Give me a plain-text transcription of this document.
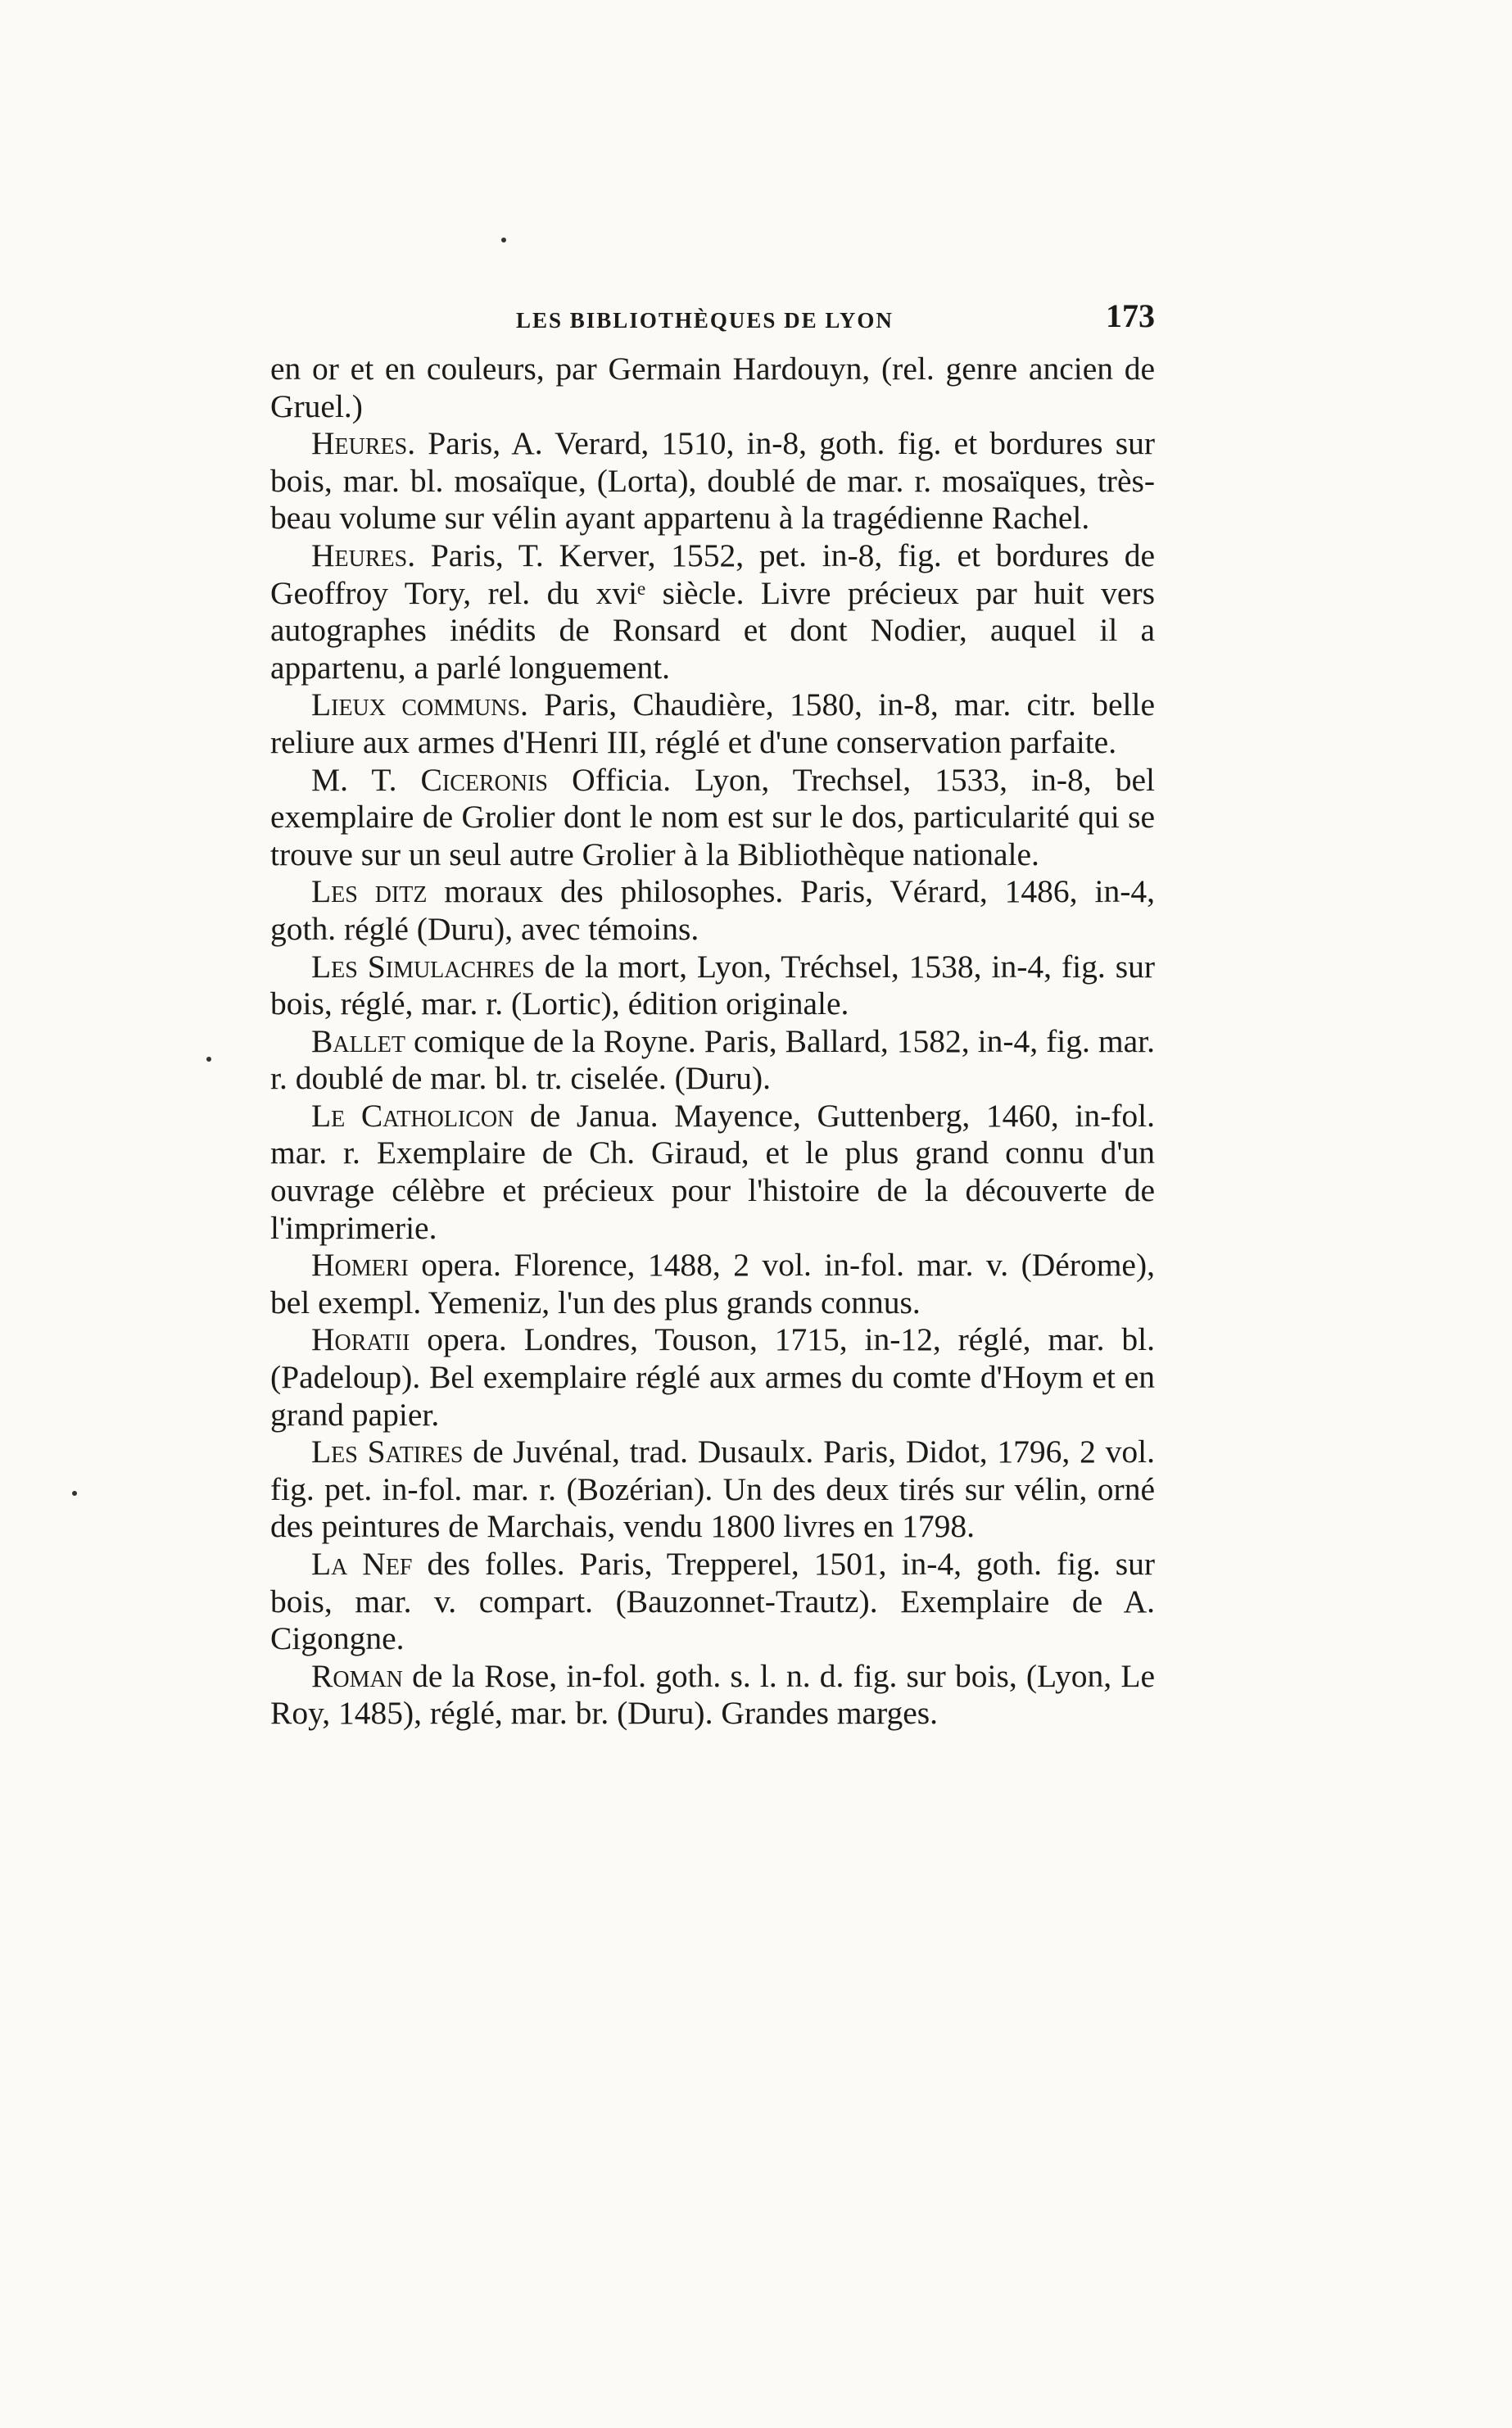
LES BIBLIOTHÈQUES DE LYON	173

en or et en couleurs, par Germain Hardouyn, (rel. genre ancien de Gruel.)

Heures. Paris, A. Verard, 1510, in-8, goth. fig. et bordures sur bois, mar. bl. mosaïque, (Lorta), doublé de mar. r. mosaïques, très-beau volume sur vélin ayant appartenu à la tragédienne Rachel.

Heures. Paris, T. Kerver, 1552, pet. in-8, fig. et bordures de Geoffroy Tory, rel. du xviᵉ siècle. Livre précieux par huit vers autographes inédits de Ronsard et dont Nodier, auquel il a appartenu, a parlé longuement.

Lieux communs. Paris, Chaudière, 1580, in-8, mar. citr. belle reliure aux armes d'Henri III, réglé et d'une conservation parfaite.

M. T. Ciceronis Officia. Lyon, Trechsel, 1533, in-8, bel exemplaire de Grolier dont le nom est sur le dos, particularité qui se trouve sur un seul autre Grolier à la Bibliothèque nationale.

Les ditz moraux des philosophes. Paris, Vérard, 1486, in-4, goth. réglé (Duru), avec témoins.

Les Simulachres de la mort, Lyon, Tréchsel, 1538, in-4, fig. sur bois, réglé, mar. r. (Lortic), édition originale.

Ballet comique de la Royne. Paris, Ballard, 1582, in-4, fig. mar. r. doublé de mar. bl. tr. ciselée. (Duru).

Le Catholicon de Janua. Mayence, Guttenberg, 1460, in-fol. mar. r. Exemplaire de Ch. Giraud, et le plus grand connu d'un ouvrage célèbre et précieux pour l'histoire de la découverte de l'imprimerie.

Homeri opera. Florence, 1488, 2 vol. in-fol. mar. v. (Dérome), bel exempl. Yemeniz, l'un des plus grands connus.

Horatii opera. Londres, Touson, 1715, in-12, réglé, mar. bl. (Padeloup). Bel exemplaire réglé aux armes du comte d'Hoym et en grand papier.

Les Satires de Juvénal, trad. Dusaulx. Paris, Didot, 1796, 2 vol. fig. pet. in-fol. mar. r. (Bozérian). Un des deux tirés sur vélin, orné des peintures de Marchais, vendu 1800 livres en 1798.

La Nef des folles. Paris, Trepperel, 1501, in-4, goth. fig. sur bois, mar. v. compart. (Bauzonnet-Trautz). Exemplaire de A. Cigongne.

Roman de la Rose, in-fol. goth. s. l. n. d. fig. sur bois, (Lyon, Le Roy, 1485), réglé, mar. br. (Duru). Grandes marges.
